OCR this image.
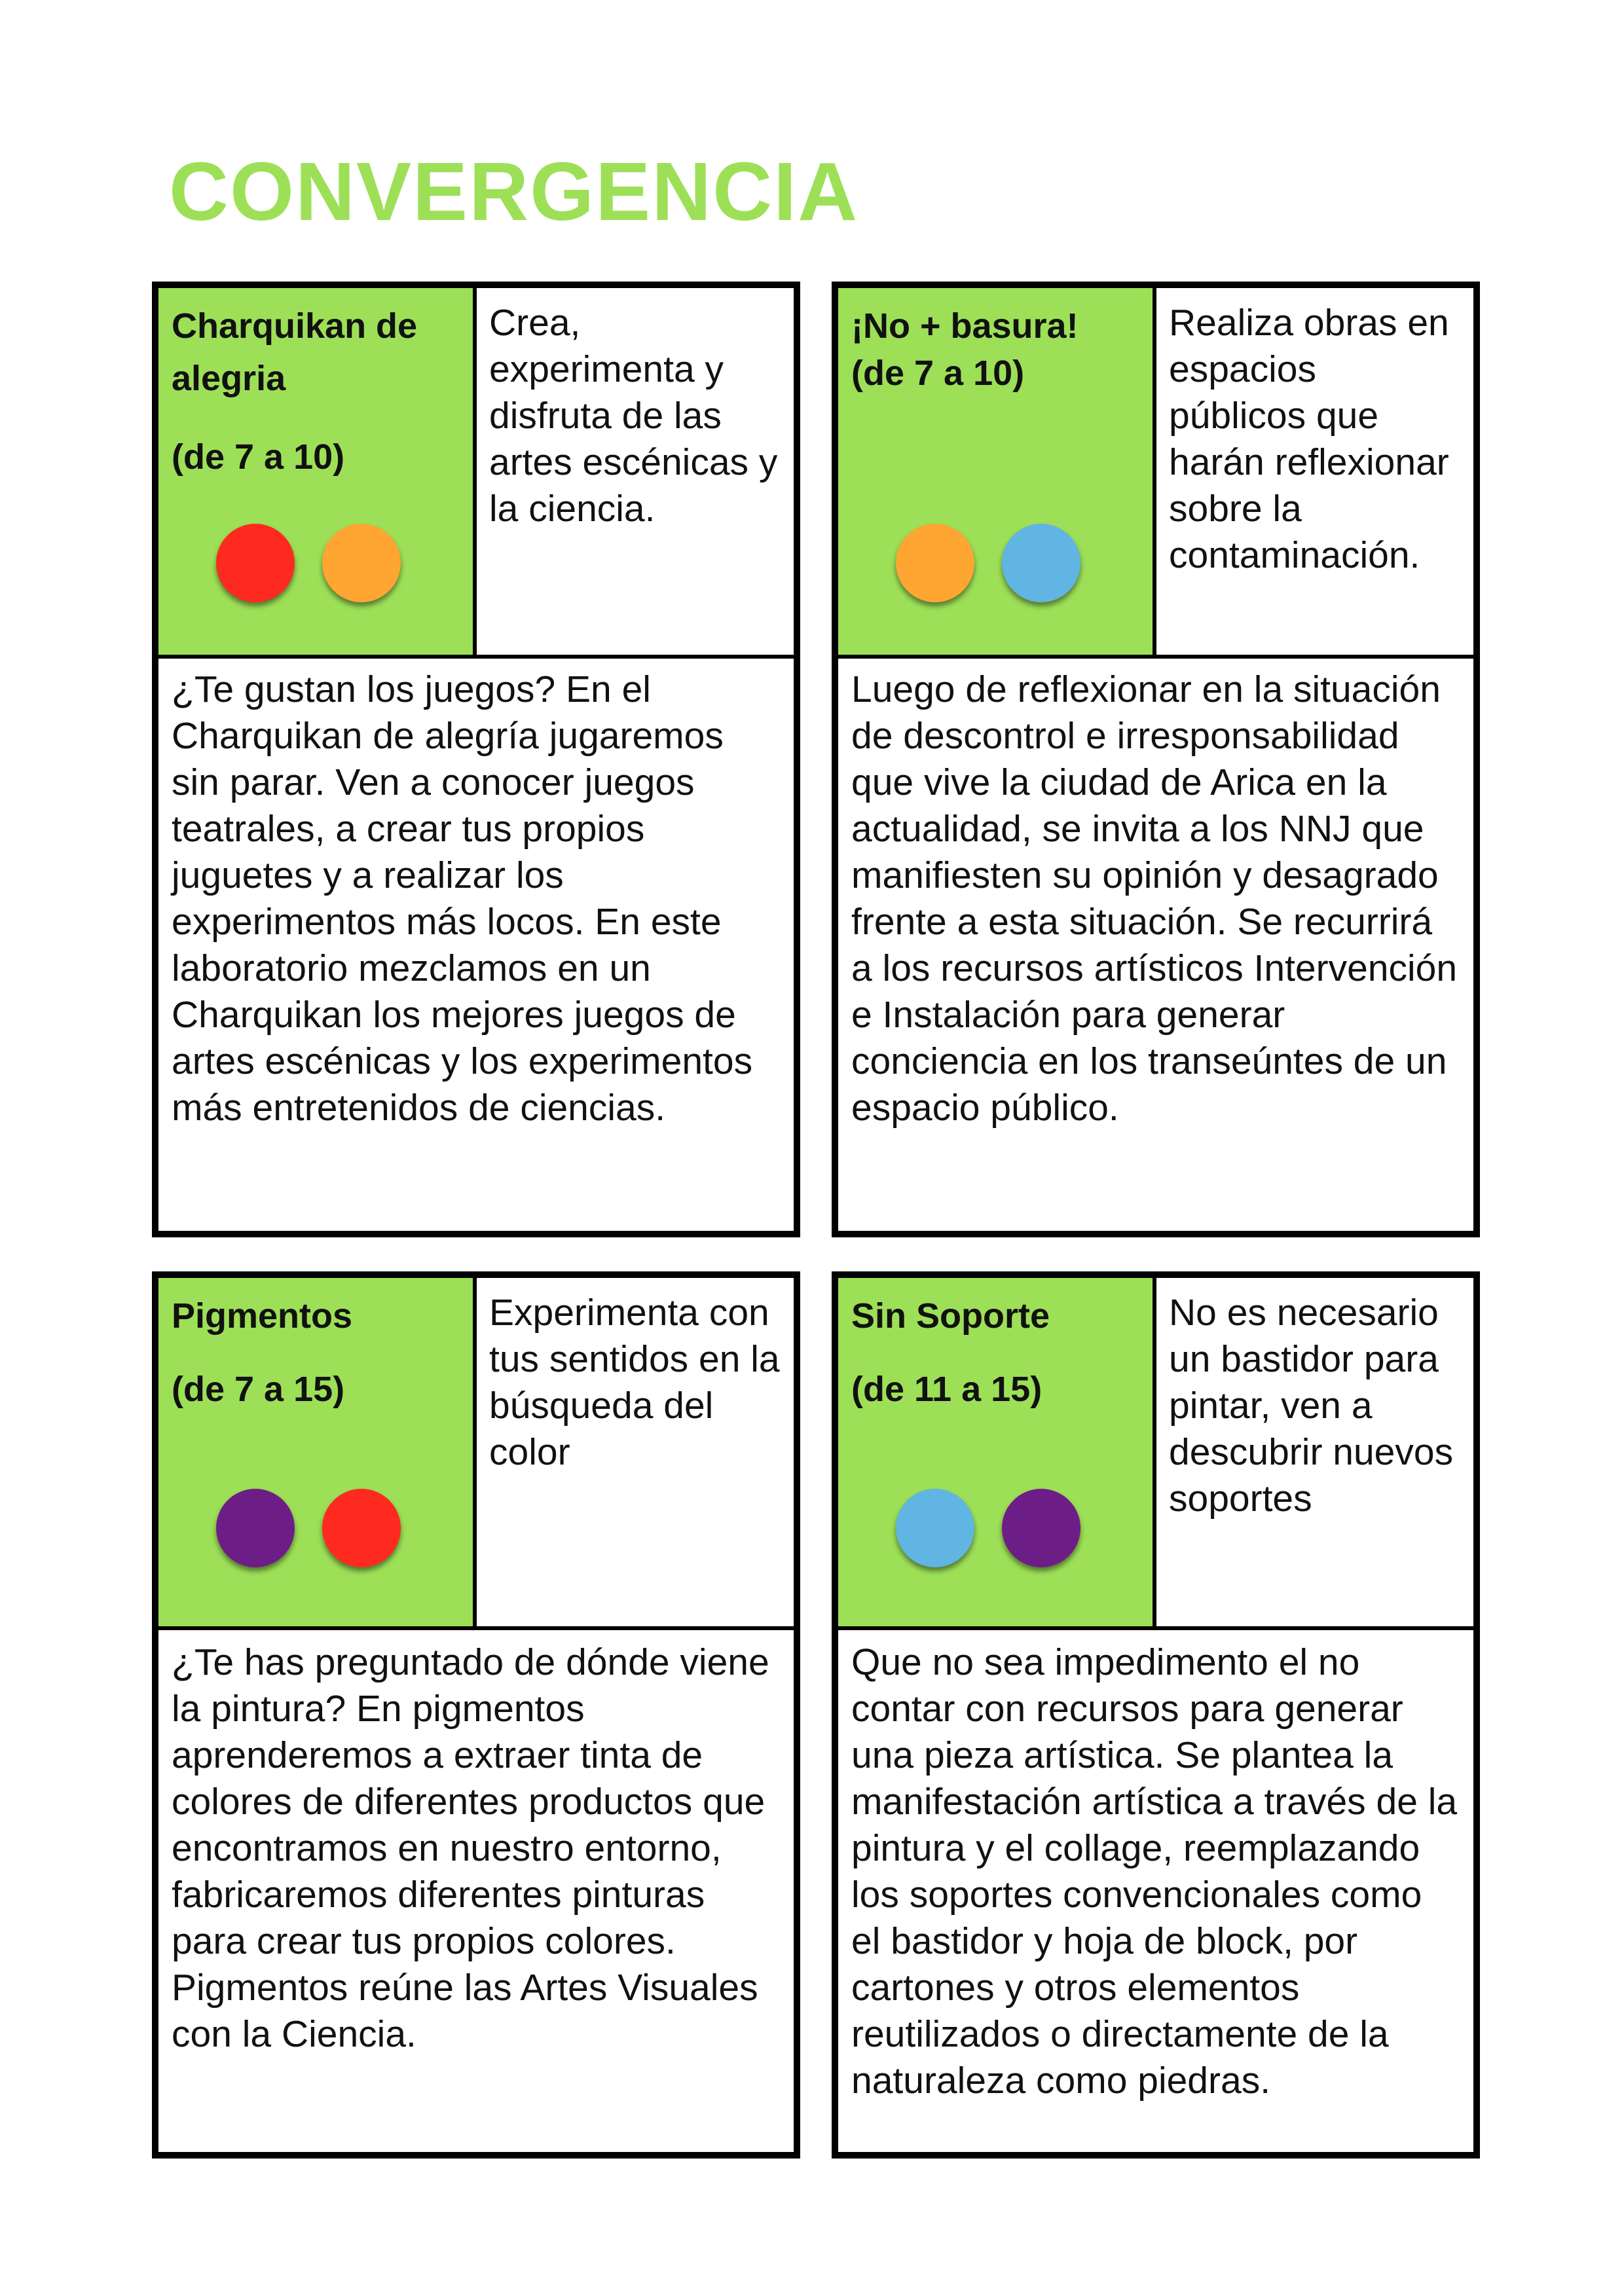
CONVERGENCIA
Charquikan de alegria
(de 7 a 10)
Crea, experimenta y disfruta de las artes escénicas y la ciencia.
¿Te gustan los juegos? En el Charquikan de alegría jugaremos sin parar. Ven a conocer juegos teatrales, a crear tus propios juguetes y a realizar los experimentos más locos. En este laboratorio mezclamos en un Charquikan los mejores juegos de artes escénicas y los experimentos más entretenidos de ciencias.
¡No + basura!
(de 7 a 10)
Realiza obras en espacios públicos que harán reflexionar sobre la contaminación.
Luego de reflexionar en la situación de descontrol e irresponsabilidad que vive la ciudad de Arica en la actualidad, se invita a los NNJ que manifiesten su opinión y desagrado frente a esta situación. Se recurrirá a los recursos artísticos Intervención e Instalación para generar conciencia en los transeúntes de un espacio público.
Pigmentos
(de 7 a 15)
Experimenta con tus sentidos en la búsqueda del color
¿Te has preguntado de dónde viene la pintura? En pigmentos aprenderemos a extraer tinta de colores de diferentes productos que encontramos en nuestro entorno, fabricaremos diferentes pinturas para crear tus propios colores. Pigmentos reúne las Artes Visuales con la Ciencia.
Sin Soporte
(de 11 a 15)
No es necesario un bastidor para pintar, ven a descubrir nuevos soportes
Que no sea impedimento el no contar con recursos para generar una pieza artística. Se plantea la manifestación artística a través de la pintura y el collage, reemplazando los soportes convencionales como el bastidor y hoja de block, por cartones y otros elementos reutilizados o directamente de la naturaleza como piedras.
